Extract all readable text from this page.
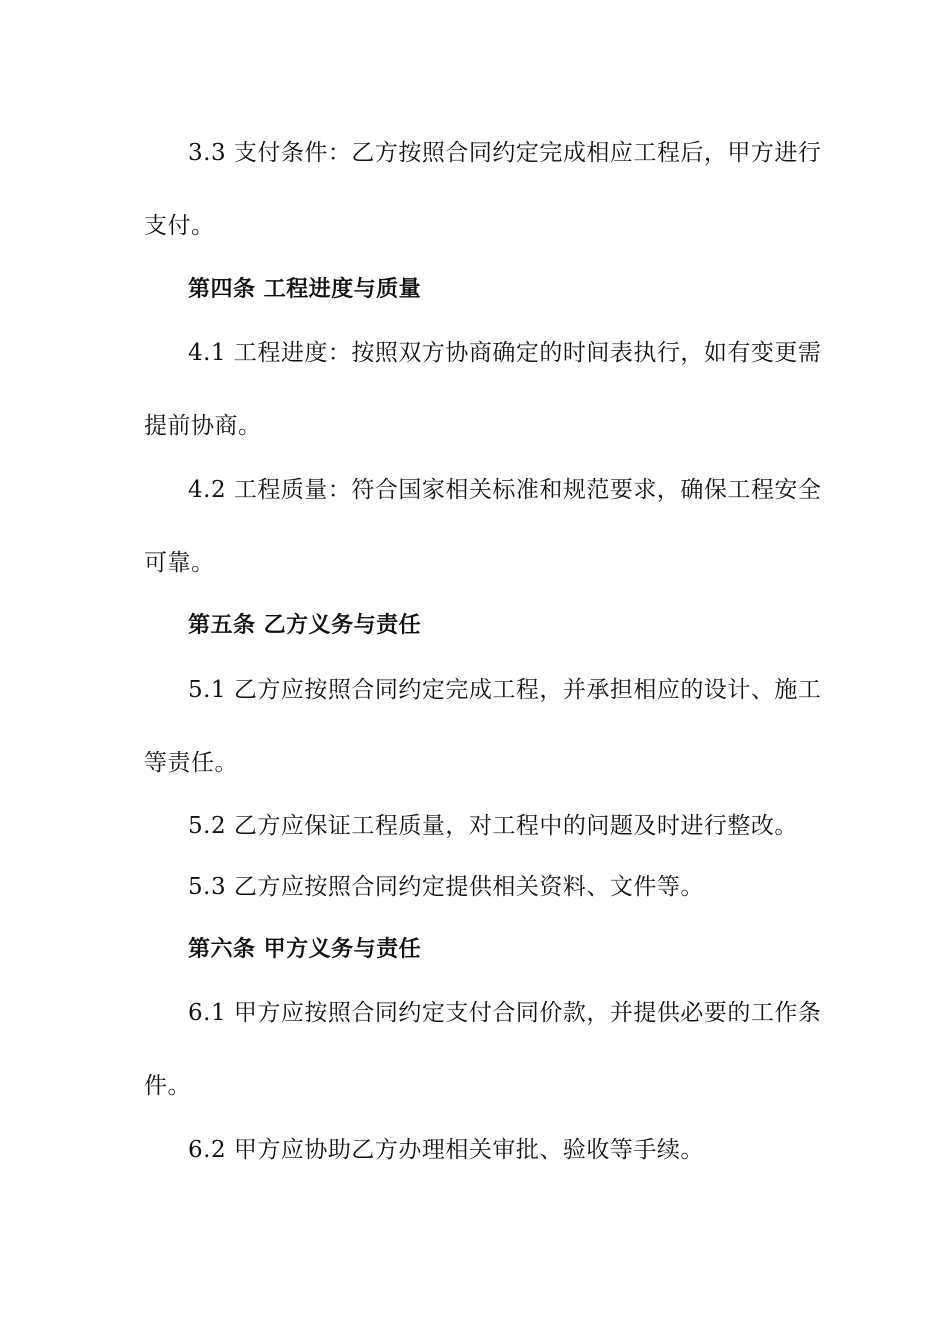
3.3 支付条件：乙方按照合同约定完成相应工程后，甲方进行
支付。
第四条 工程进度与质量
4.1 工程进度：按照双方协商确定的时间表执行，如有变更需
提前协商。
4.2 工程质量：符合国家相关标准和规范要求，确保工程安全
可靠。
第五条 乙方义务与责任
5.1 乙方应按照合同约定完成工程，并承担相应的设计、施工
等责任。
5.2 乙方应保证工程质量，对工程中的问题及时进行整改。
5.3 乙方应按照合同约定提供相关资料、文件等。
第六条 甲方义务与责任
6.1 甲方应按照合同约定支付合同价款，并提供必要的工作条
件。
6.2 甲方应协助乙方办理相关审批、验收等手续。
